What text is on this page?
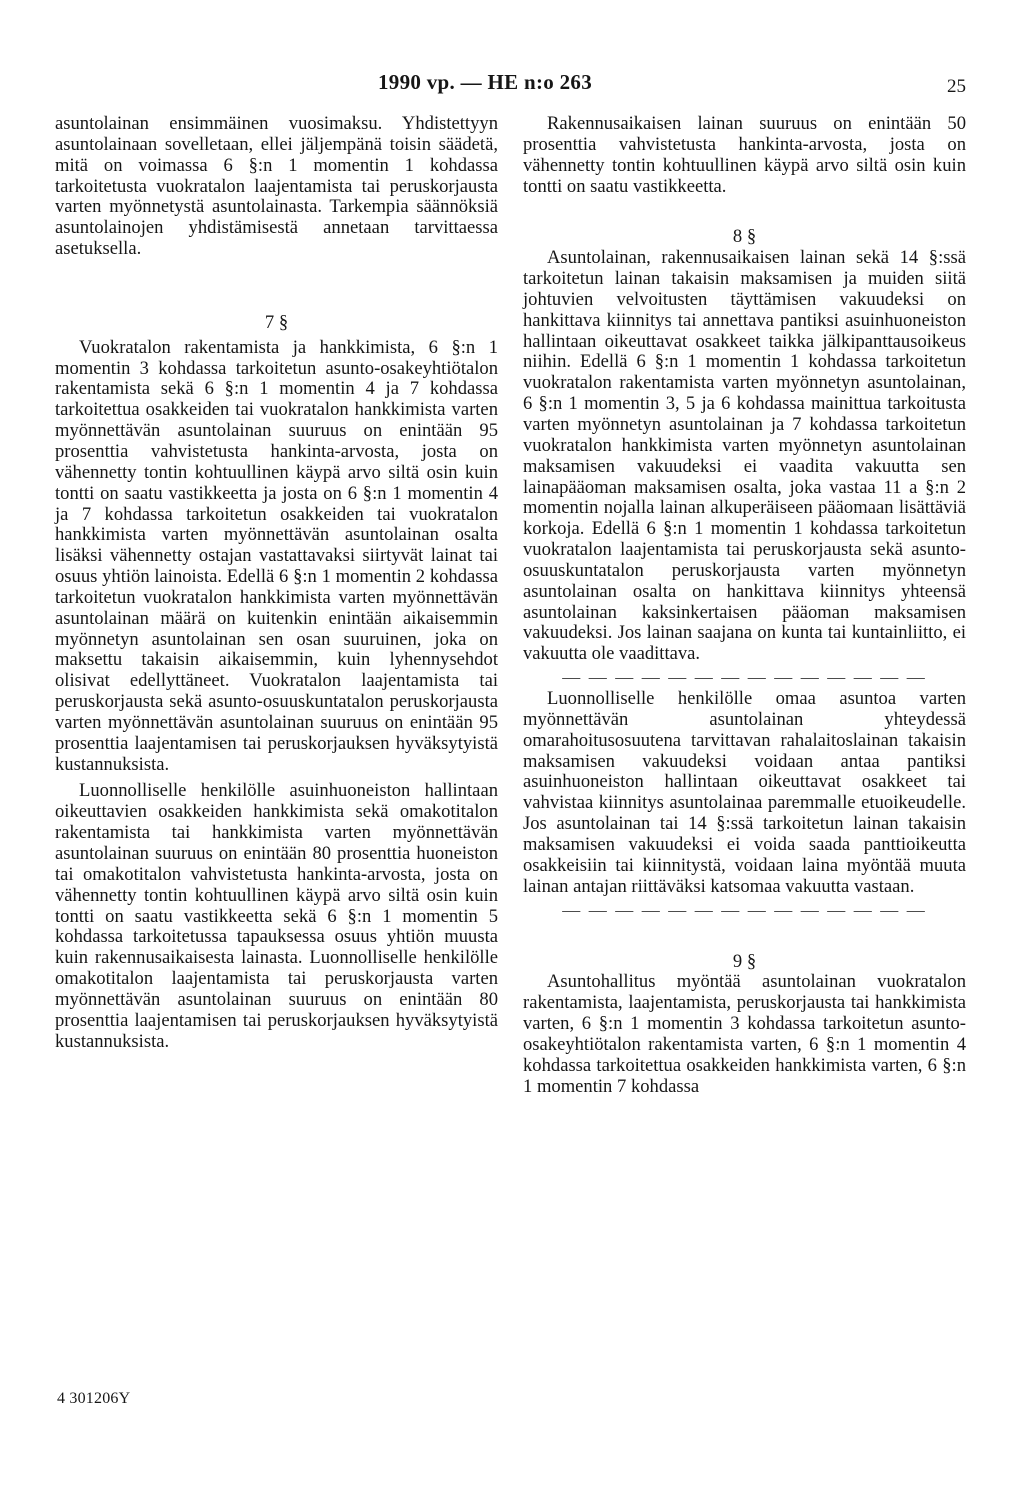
1990 vp. — HE n:o 263	25

asuntolainan ensimmäinen vuosimaksu. Yhdistettyyn asuntolainaan sovelletaan, ellei jäljempänä toisin säädetä, mitä on voimassa 6 §:n 1 momentin 1 kohdassa tarkoitetusta vuokratalon laajentamista tai peruskorjausta varten myönnetystä asuntolainasta. Tarkempia säännöksiä asuntolainojen yhdistämisestä annetaan tarvittaessa asetuksella.

7 §

Vuokratalon rakentamista ja hankkimista, 6 §:n 1 momentin 3 kohdassa tarkoitetun asunto-osakeyhtiötalon rakentamista sekä 6 §:n 1 momentin 4 ja 7 kohdassa tarkoitettua osakkeiden tai vuokratalon hankkimista varten myönnettävän asuntolainan suuruus on enintään 95 prosenttia vahvistetusta hankinta-arvosta, josta on vähennetty tontin kohtuullinen käypä arvo siltä osin kuin tontti on saatu vastikkeetta ja josta on 6 §:n 1 momentin 4 ja 7 kohdassa tarkoitetun osakkeiden tai vuokratalon hankkimista varten myönnettävän asuntolainan osalta lisäksi vähennetty ostajan vastattavaksi siirtyvät lainat tai osuus yhtiön lainoista. Edellä 6 §:n 1 momentin 2 kohdassa tarkoitetun vuokratalon hankkimista varten myönnettävän asuntolainan määrä on kuitenkin enintään aikaisemmin myönnetyn asuntolainan sen osan suuruinen, joka on maksettu takaisin aikaisemmin, kuin lyhennysehdot olisivat edellyttäneet. Vuokratalon laajentamista tai peruskorjausta sekä asunto-osuuskuntatalon peruskorjausta varten myönnettävän asuntolainan suuruus on enintään 95 prosenttia laajentamisen tai peruskorjauksen hyväksytyistä kustannuksista.

Luonnolliselle henkilölle asuinhuoneiston hallintaan oikeuttavien osakkeiden hankkimista sekä omakotitalon rakentamista tai hankkimista varten myönnettävän asuntolainan suuruus on enintään 80 prosenttia huoneiston tai omakotitalon vahvistetusta hankinta-arvosta, josta on vähennetty tontin kohtuullinen käypä arvo siltä osin kuin tontti on saatu vastikkeetta sekä 6 §:n 1 momentin 5 kohdassa tarkoitetussa tapauksessa osuus yhtiön muusta kuin rakennusaikaisesta lainasta. Luonnolliselle henkilölle omakotitalon laajentamista tai peruskorjausta varten myönnettävän asuntolainan suuruus on enintään 80 prosenttia laajentamisen tai peruskorjauksen hyväksytyistä kustannuksista.

Rakennusaikaisen lainan suuruus on enintään 50 prosenttia vahvistetusta hankinta-arvosta, josta on vähennetty tontin kohtuullinen käypä arvo siltä osin kuin tontti on saatu vastikkeetta.

8 §

Asuntolainan, rakennusaikaisen lainan sekä 14 §:ssä tarkoitetun lainan takaisin maksamisen ja muiden siitä johtuvien velvoitusten täyttämisen vakuudeksi on hankittava kiinnitys tai annettava pantiksi asuinhuoneiston hallintaan oikeuttavat osakkeet taikka jälkipanttausoikeus niihin. Edellä 6 §:n 1 momentin 1 kohdassa tarkoitetun vuokratalon rakentamista varten myönnetyn asuntolainan, 6 §:n 1 momentin 3, 5 ja 6 kohdassa mainittua tarkoitusta varten myönnetyn asuntolainan ja 7 kohdassa tarkoitetun vuokratalon hankkimista varten myönnetyn asuntolainan maksamisen vakuudeksi ei vaadita vakuutta sen lainapääoman maksamisen osalta, joka vastaa 11 a §:n 2 momentin nojalla lainan alkuperäiseen pääomaan lisättäviä korkoja. Edellä 6 §:n 1 momentin 1 kohdassa tarkoitetun vuokratalon laajentamista tai peruskorjausta sekä asunto-osuuskuntatalon peruskorjausta varten myönnetyn asuntolainan osalta on hankittava kiinnitys yhteensä asuntolainan kaksinkertaisen pääoman maksamisen vakuudeksi. Jos lainan saajana on kunta tai kuntainliitto, ei vakuutta ole vaadittava.

— — — — — — — — — — — — — —

Luonnolliselle henkilölle omaa asuntoa varten myönnettävän asuntolainan yhteydessä omarahoitusosuutena tarvittavan rahalaitoslainan takaisin maksamisen vakuudeksi voidaan antaa pantiksi asuinhuoneiston hallintaan oikeuttavat osakkeet tai vahvistaa kiinnitys asuntolainaa paremmalle etuoikeudelle. Jos asuntolainan tai 14 §:ssä tarkoitetun lainan takaisin maksamisen vakuudeksi ei voida saada panttioikeutta osakkeisiin tai kiinnitystä, voidaan laina myöntää muuta lainan antajan riittäväksi katsomaa vakuutta vastaan.

— — — — — — — — — — — — — —
9 §

Asuntohallitus myöntää asuntolainan vuokratalon rakentamista, laajentamista, peruskorjausta tai hankkimista varten, 6 §:n 1 momentin 3 kohdassa tarkoitetun asunto-osakeyhtiötalon rakentamista varten, 6 §:n 1 momentin 4 kohdassa tarkoitettua osakkeiden hankkimista varten, 6 §:n 1 momentin 7 kohdassa

4 301206Y
